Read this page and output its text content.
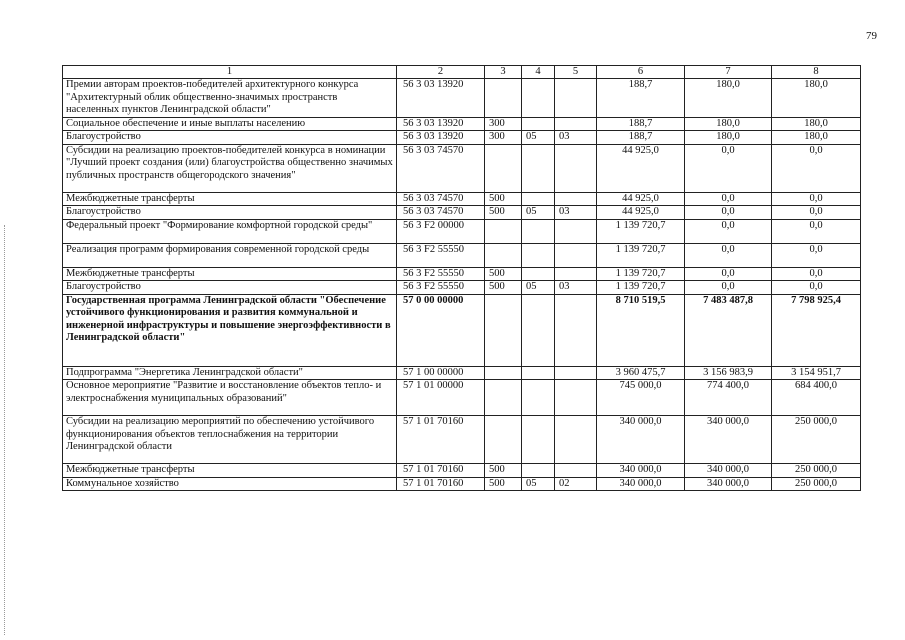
79
1	2	3	4	5	6	7	8
Премии авторам проектов-победителей архитектурного конкурса "Архитектурный облик общественно-значимых пространств населенных пунктов Ленинградской области"	56 3 03 13920				188,7	180,0	180,0
Социальное обеспечение и иные выплаты населению	56 3 03 13920	300			188,7	180,0	180,0
Благоустройство	56 3 03 13920	300	05	03	188,7	180,0	180,0
Субсидии на реализацию проектов-победителей конкурса в номинации "Лучший проект создания (или) благоустройства общественно значимых публичных пространств общегородского значения"	56 3 03 74570				44 925,0	0,0	0,0
Межбюджетные трансферты	56 3 03 74570	500			44 925,0	0,0	0,0
Благоустройство	56 3 03 74570	500	05	03	44 925,0	0,0	0,0
Федеральный проект "Формирование комфортной городской среды"	56 3 F2 00000				1 139 720,7	0,0	0,0
Реализация программ формирования современной городской среды	56 3 F2 55550				1 139 720,7	0,0	0,0
Межбюджетные трансферты	56 3 F2 55550	500			1 139 720,7	0,0	0,0
Благоустройство	56 3 F2 55550	500	05	03	1 139 720,7	0,0	0,0
Государственная программа Ленинградской области "Обеспечение устойчивого функционирования и развития коммунальной и инженерной инфраструктуры и повышение энергоэффективности в Ленинградской области"	57 0 00 00000				8 710 519,5	7 483 487,8	7 798 925,4
Подпрограмма "Энергетика Ленинградской области"	57 1 00 00000				3 960 475,7	3 156 983,9	3 154 951,7
Основное мероприятие "Развитие и восстановление объектов тепло- и электроснабжения муниципальных образований"	57 1 01 00000				745 000,0	774 400,0	684 400,0
Субсидии на реализацию мероприятий по обеспечению устойчивого функционирования объектов теплоснабжения на территории Ленинградской области	57 1 01 70160				340 000,0	340 000,0	250 000,0
Межбюджетные трансферты	57 1 01 70160	500			340 000,0	340 000,0	250 000,0
Коммунальное хозяйство	57 1 01 70160	500	05	02	340 000,0	340 000,0	250 000,0
